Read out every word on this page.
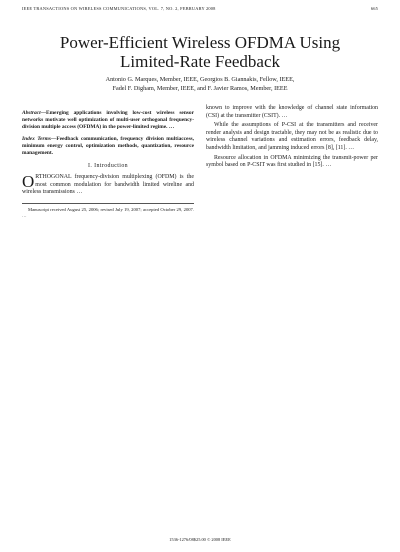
IEEE TRANSACTIONS ON WIRELESS COMMUNICATIONS, VOL. 7, NO. 2, FEBRUARY 2008	665
Power-Efficient Wireless OFDMA Using Limited-Rate Feedback
Antonio G. Marques, Member, IEEE, Georgios B. Giannakis, Fellow, IEEE,
Fadel F. Digham, Member, IEEE, and F. Javier Ramos, Member, IEEE

Abstract—Emerging applications involving low-cost wireless sensor networks motivate well optimization of multi-user orthogonal frequency-division multiple access (OFDMA) in the power-limited regime. …

Index Terms—Feedback communication, frequency division multiaccess, minimum energy control, optimization methods, quantization, resource management.

I. Introduction

ORTHOGONAL frequency-division multiplexing (OFDM) is the most common modulation for bandwidth limited wireline and wireless transmissions …

Manuscript received August 25, 2006; revised July 19, 2007; accepted October 29, 2007. …

known to improve with the knowledge of channel state information (CSI) at the transmitter (CSIT). …

While the assumptions of P-CSI at the transmitters and receiver render analysis and design tractable, they may not be as realistic due to wireless channel variations and estimation errors, feedback delay, bandwidth limitation, and jamming induced errors [8], [11]. …

Resource allocation in OFDMA minimizing the transmit-power per symbol based on P-CSIT was first studied in [15]. …

1536-1276/08$25.00 © 2008 IEEE
